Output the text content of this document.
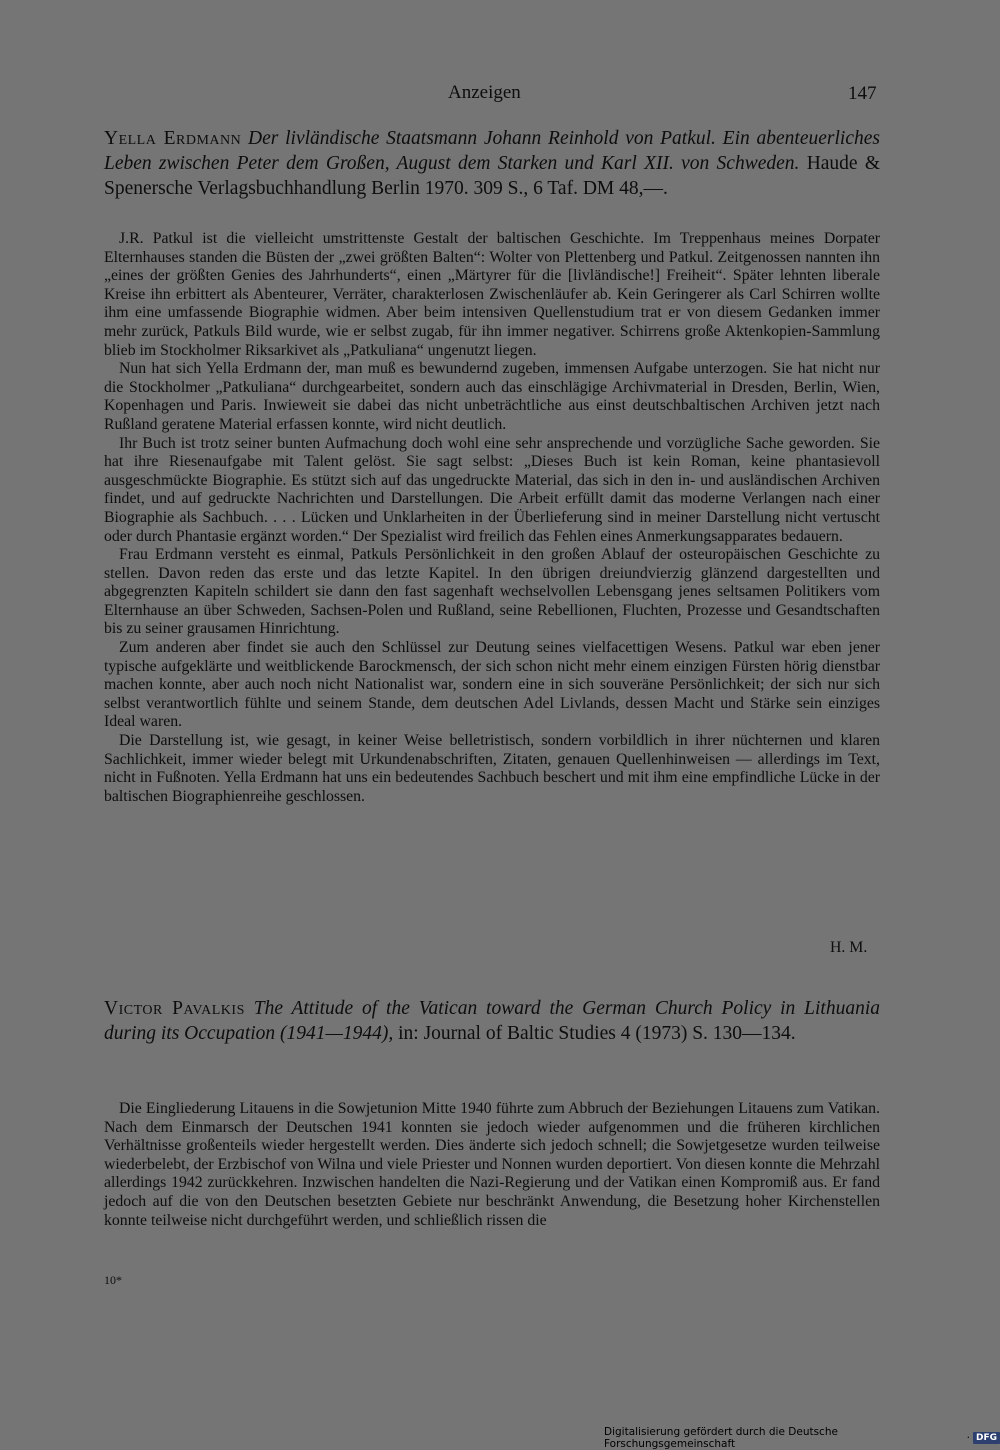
Anzeigen	147
Yella Erdmann Der livländische Staatsmann Johann Reinhold von Patkul. Ein abenteuerliches Leben zwischen Peter dem Großen, August dem Starken und Karl XII. von Schweden. Haude & Spenersche Verlagsbuchhandlung Berlin 1970. 309 S., 6 Taf. DM 48,—.

J.R. Patkul ist die vielleicht umstrittenste Gestalt der baltischen Geschichte. Im Treppenhaus meines Dorpater Elternhauses standen die Büsten der „zwei größten Balten“: Wolter von Plettenberg und Patkul. Zeitgenossen nannten ihn „eines der größten Genies des Jahrhunderts“, einen „Märtyrer für die [livländische!] Freiheit“. Später lehnten liberale Kreise ihn erbittert als Abenteurer, Verräter, charakterlosen Zwischenläufer ab. Kein Geringerer als Carl Schirren wollte ihm eine umfassende Biographie widmen. Aber beim intensiven Quellenstudium trat er von diesem Gedanken immer mehr zurück, Patkuls Bild wurde, wie er selbst zugab, für ihn immer negativer. Schirrens große Aktenkopien-Sammlung blieb im Stockholmer Riksarkivet als „Patkuliana“ ungenutzt liegen.

Nun hat sich Yella Erdmann der, man muß es bewundernd zugeben, immensen Aufgabe unterzogen. Sie hat nicht nur die Stockholmer „Patkuliana“ durchgearbeitet, sondern auch das einschlägige Archivmaterial in Dresden, Berlin, Wien, Kopenhagen und Paris. Inwieweit sie dabei das nicht unbeträchtliche aus einst deutschbaltischen Archiven jetzt nach Rußland geratene Material erfassen konnte, wird nicht deutlich.

Ihr Buch ist trotz seiner bunten Aufmachung doch wohl eine sehr ansprechende und vorzügliche Sache geworden. Sie hat ihre Riesenaufgabe mit Talent gelöst. Sie sagt selbst: „Dieses Buch ist kein Roman, keine phantasievoll ausgeschmückte Biographie. Es stützt sich auf das ungedruckte Material, das sich in den in- und ausländischen Archiven findet, und auf gedruckte Nachrichten und Darstellungen. Die Arbeit erfüllt damit das moderne Verlangen nach einer Biographie als Sachbuch. . . . Lücken und Unklarheiten in der Überlieferung sind in meiner Darstellung nicht vertuscht oder durch Phantasie ergänzt worden.“ Der Spezialist wird freilich das Fehlen eines Anmerkungsapparates bedauern.

Frau Erdmann versteht es einmal, Patkuls Persönlichkeit in den großen Ablauf der osteuropäischen Geschichte zu stellen. Davon reden das erste und das letzte Kapitel. In den übrigen dreiundvierzig glänzend dargestellten und abgegrenzten Kapiteln schildert sie dann den fast sagenhaft wechselvollen Lebensgang jenes seltsamen Politikers vom Elternhause an über Schweden, Sachsen-Polen und Rußland, seine Rebellionen, Fluchten, Prozesse und Gesandtschaften bis zu seiner grausamen Hinrichtung.

Zum anderen aber findet sie auch den Schlüssel zur Deutung seines vielfacettigen Wesens. Patkul war eben jener typische aufgeklärte und weitblickende Barockmensch, der sich schon nicht mehr einem einzigen Fürsten hörig dienstbar machen konnte, aber auch noch nicht Nationalist war, sondern eine in sich souveräne Persönlichkeit; der sich nur sich selbst verantwortlich fühlte und seinem Stande, dem deutschen Adel Livlands, dessen Macht und Stärke sein einziges Ideal waren.

Die Darstellung ist, wie gesagt, in keiner Weise belletristisch, sondern vorbildlich in ihrer nüchternen und klaren Sachlichkeit, immer wieder belegt mit Urkundenabschriften, Zitaten, genauen Quellenhinweisen — allerdings im Text, nicht in Fußnoten. Yella Erdmann hat uns ein bedeutendes Sachbuch beschert und mit ihm eine empfindliche Lücke in der baltischen Biographienreihe geschlossen.

H. M.
Victor Pavalkis The Attitude of the Vatican toward the German Church Policy in Lithuania during its Occupation (1941—1944), in: Journal of Baltic Studies 4 (1973) S. 130—134.

Die Eingliederung Litauens in die Sowjetunion Mitte 1940 führte zum Abbruch der Beziehungen Litauens zum Vatikan. Nach dem Einmarsch der Deutschen 1941 konnten sie jedoch wieder aufgenommen und die früheren kirchlichen Verhältnisse großenteils wieder hergestellt werden. Dies änderte sich jedoch schnell; die Sowjetgesetze wurden teilweise wiederbelebt, der Erzbischof von Wilna und viele Priester und Nonnen wurden deportiert. Von diesen konnte die Mehrzahl allerdings 1942 zurückkehren. Inzwischen handelten die Nazi-Regierung und der Vatikan einen Kompromiß aus. Er fand jedoch auf die von den Deutschen besetzten Gebiete nur beschränkt Anwendung, die Besetzung hoher Kirchenstellen konnte teilweise nicht durchgeführt werden, und schließlich rissen die

10*
Digitalisierung gefördert durch die Deutsche Forschungsgemeinschaft	· DFG
